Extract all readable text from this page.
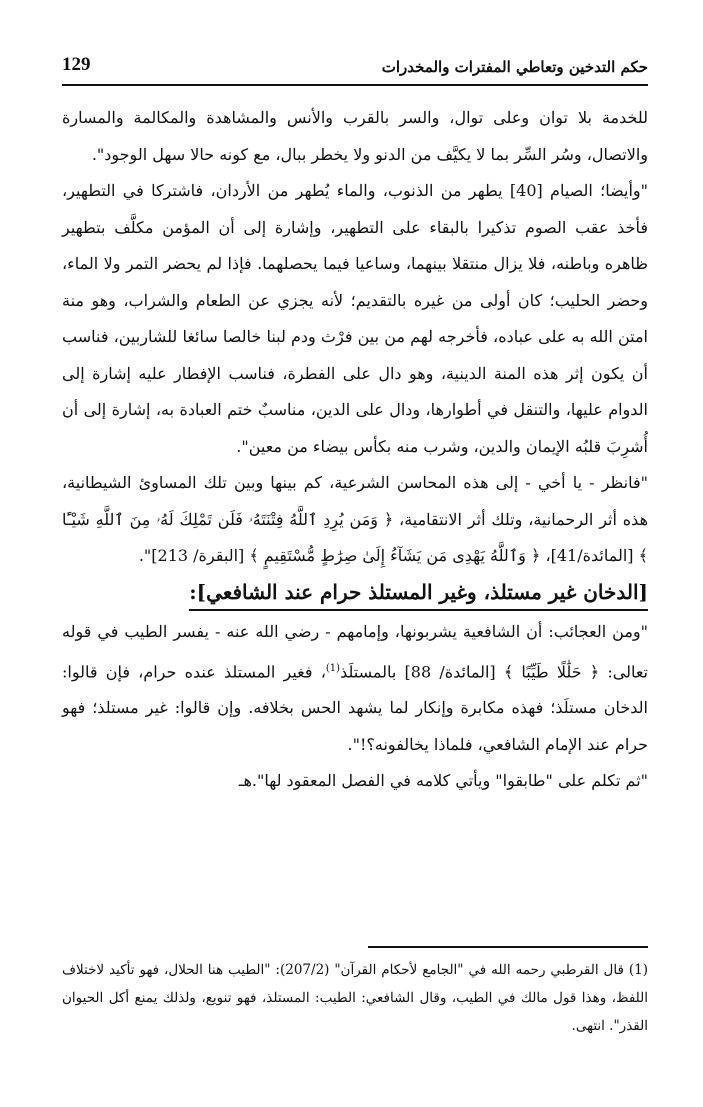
حكم التدخين وتعاطي المفترات والمخدرات
129

للخدمة بلا توان وعلى توال، والسر بالقرب والأنس والمشاهدة والمكالمة والمسارة والاتصال، وسُر السِّر بما لا يكيَّف من الدنو ولا يخطر ببال، مع كونه حالا سهل الوجود".

"وأيضا؛ الصيام [40] يطهر من الذنوب، والماء يُطهر من الأردان، فاشتركا في التطهير، فأخذ عقب الصوم تذكيرا بالبقاء على التطهير، وإشارة إلى أن المؤمن مكلَّف بتطهير ظاهره وباطنه، فلا يزال منتقلا بينهما، وساعيا فيما يحصلهما. فإذا لم يحضر التمر ولا الماء، وحضر الحليب؛ كان أولى من غيره بالتقديم؛ لأنه يجزي عن الطعام والشراب، وهو منة امتن الله به على عباده، فأخرجه لهم من بين فرْث ودم لبنا خالصا سائغا للشاربين، فناسب أن يكون إثر هذه المنة الدينية، وهو دال على الفطرة، فناسب الإفطار عليه إشارة إلى الدوام عليها، والتنقل في أطوارها، ودال على الدين، مناسبٌ ختم العبادة به، إشارة إلى أن أُشرِبَ قلبُه الإيمان والدين، وشرب منه بكأس بيضاء من معين".

"فانظر - يا أخي - إلى هذه المحاسن الشرعية، كم بينها وبين تلك المساوئ الشيطانية، هذه أثر الرحمانية، وتلك أثر الانتقامية، ﴿ وَمَن يُرِدِ ٱللَّهُ فِتْنَتَهُۥ فَلَن تَمْلِكَ لَهُۥ مِنَ ٱللَّهِ شَيْـًٔا ﴾ [المائدة/41]، ﴿ وَٱللَّهُ يَهْدِى مَن يَشَآءُ إِلَىٰ صِرَٰطٍ مُّسْتَقِيمٍ ﴾ [البقرة/ 213]".

[الدخان غير مستلذ، وغير المستلذ حرام عند الشافعي]:

"ومن العجائب: أن الشافعية يشربونها، وإمامهم - رضي الله عنه - يفسر الطيب في قوله تعالى: ﴿ حَلَٰلًا طَيِّبًا ﴾ [المائدة/ 88] بالمستلَذ$^{(1)}$، فغير المستلذ عنده حرام، فإن قالوا: الدخان مستلَذ؛ فهذه مكابرة وإنكار لما يشهد الحس بخلافه. وإن قالوا: غير مستلذ؛ فهو حرام عند الإمام الشافعي، فلماذا يخالفونه؟!".

"ثم تكلم على "طابقوا" ويأتي كلامه في الفصل المعقود لها".هـ

(1) قال القرطبي رحمه الله في "الجامع لأحكام القرآن" (207/2): "الطيب هنا الحلال، فهو تأكيد لاختلاف اللفظ، وهذا قول مالك في الطيب، وقال الشافعي: الطيب: المستلذ، فهو تنويع، ولذلك يمنع أكل الحيوان القذر". انتهى.
